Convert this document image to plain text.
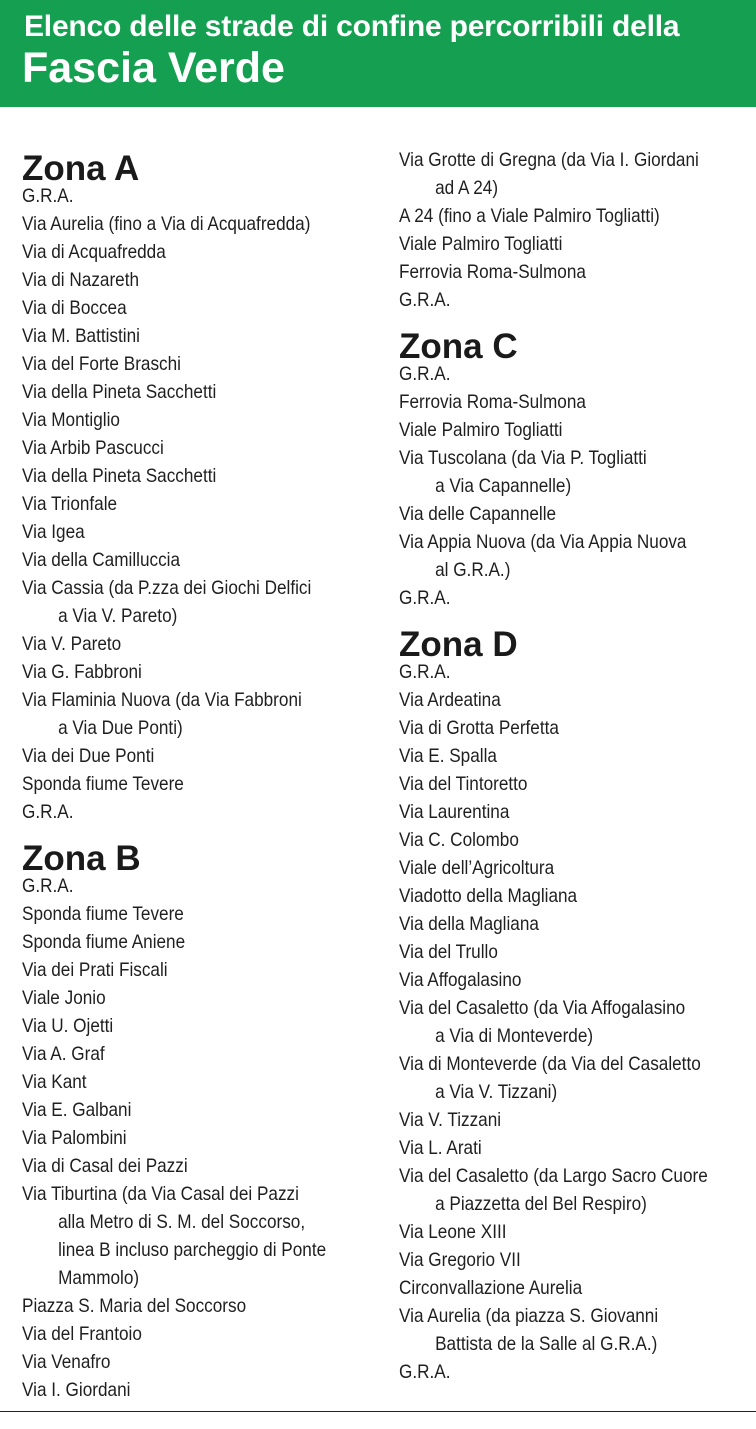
Elenco delle strade di confine percorribili della
Fascia Verde
Zona A
G.R.A.
Via Aurelia (fino a Via di Acquafredda)
Via di Acquafredda
Via di Nazareth
Via di Boccea
Via M. Battistini
Via del Forte Braschi
Via della Pineta Sacchetti
Via Montiglio
Via Arbib Pascucci
Via della Pineta Sacchetti
Via Trionfale
Via Igea
Via della Camilluccia
Via Cassia (da P.zza dei Giochi Delfici
a Via V. Pareto)
Via V. Pareto
Via G. Fabbroni
Via Flaminia Nuova (da Via Fabbroni
a Via Due Ponti)
Via dei Due Ponti
Sponda fiume Tevere
G.R.A.
Zona B
G.R.A.
Sponda fiume Tevere
Sponda fiume Aniene
Via dei Prati Fiscali
Viale Jonio
Via U. Ojetti
Via A. Graf
Via Kant
Via E. Galbani
Via Palombini
Via di Casal dei Pazzi
Via Tiburtina (da Via Casal dei Pazzi
alla Metro di S. M. del Soccorso,
linea B incluso parcheggio di Ponte
Mammolo)
Piazza S. Maria del Soccorso
Via del Frantoio
Via Venafro
Via I. Giordani
Via Grotte di Gregna (da Via I. Giordani
ad A 24)
A 24 (fino a Viale Palmiro Togliatti)
Viale Palmiro Togliatti
Ferrovia Roma-Sulmona
G.R.A.
Zona C
G.R.A.
Ferrovia Roma-Sulmona
Viale Palmiro Togliatti
Via Tuscolana (da Via P. Togliatti
a Via Capannelle)
Via delle Capannelle
Via Appia Nuova (da Via Appia Nuova
al G.R.A.)
G.R.A.
Zona D
G.R.A.
Via Ardeatina
Via di Grotta Perfetta
Via E. Spalla
Via del Tintoretto
Via Laurentina
Via C. Colombo
Viale dell’Agricoltura
Viadotto della Magliana
Via della Magliana
Via del Trullo
Via Affogalasino
Via del Casaletto (da Via Affogalasino
a Via di Monteverde)
Via di Monteverde (da Via del Casaletto
a Via V. Tizzani)
Via V. Tizzani
Via L. Arati
Via del Casaletto (da Largo Sacro Cuore
a Piazzetta del Bel Respiro)
Via Leone XIII
Via Gregorio VII
Circonvallazione Aurelia
Via Aurelia (da piazza S. Giovanni
Battista de la Salle al G.R.A.)
G.R.A.
